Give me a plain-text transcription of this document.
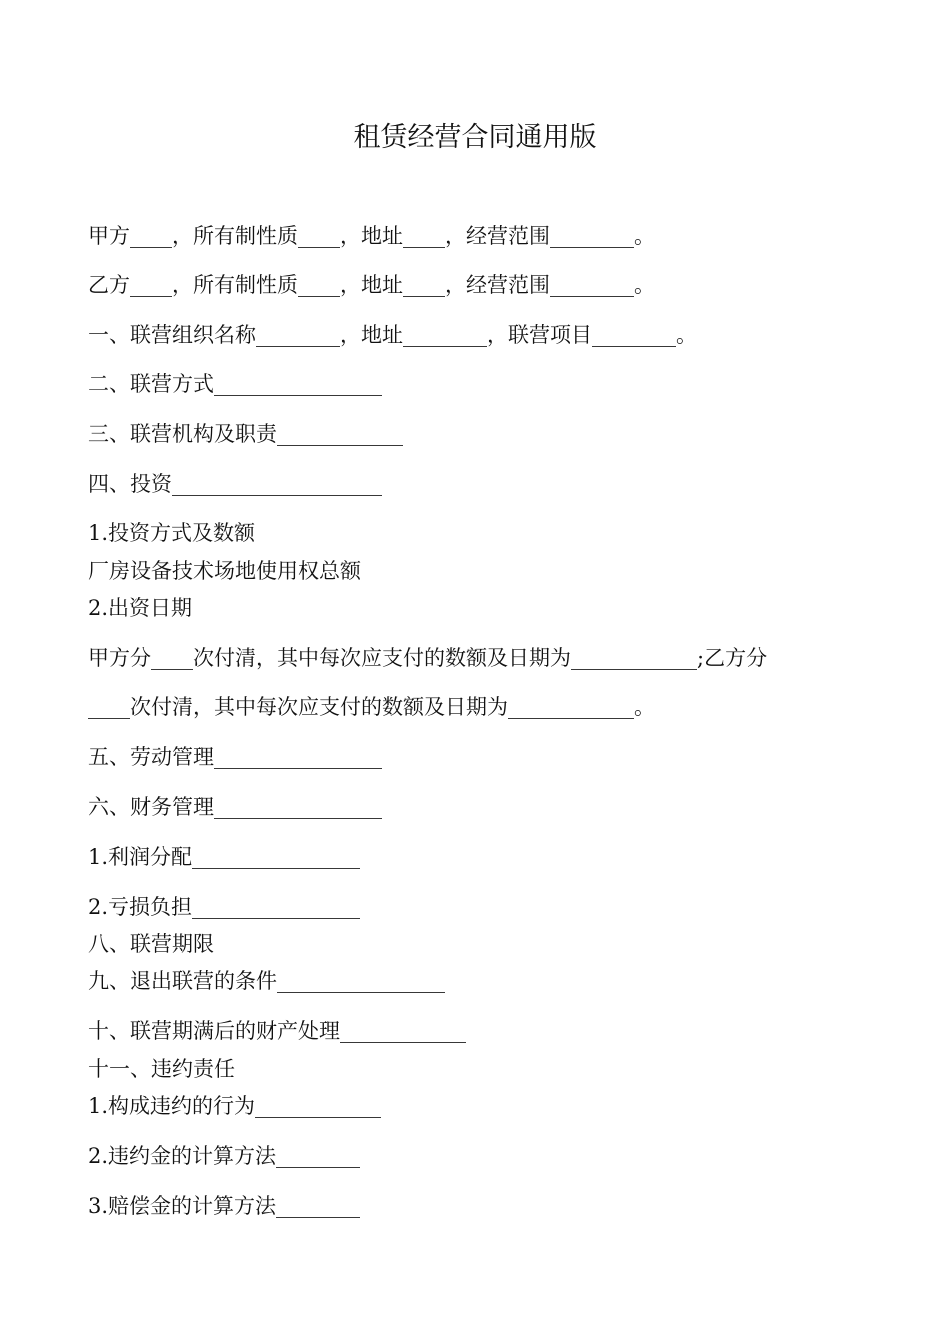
租赁经营合同通用版
甲方____，所有制性质____，地址____，经营范围________。
乙方____，所有制性质____，地址____，经营范围________。
一、联营组织名称________，地址________，联营项目________。
二、联营方式________________
三、联营机构及职责____________
四、投资____________________
1.投资方式及数额
厂房设备技术场地使用权总额
2.出资日期
甲方分____次付清，其中每次应支付的数额及日期为____________;乙方分
____次付清，其中每次应支付的数额及日期为____________。
五、劳动管理________________
六、财务管理________________
1.利润分配________________
2.亏损负担________________
八、联营期限
九、退出联营的条件________________
十、联营期满后的财产处理____________
十一、违约责任
1.构成违约的行为____________
2.违约金的计算方法________
3.赔偿金的计算方法________
